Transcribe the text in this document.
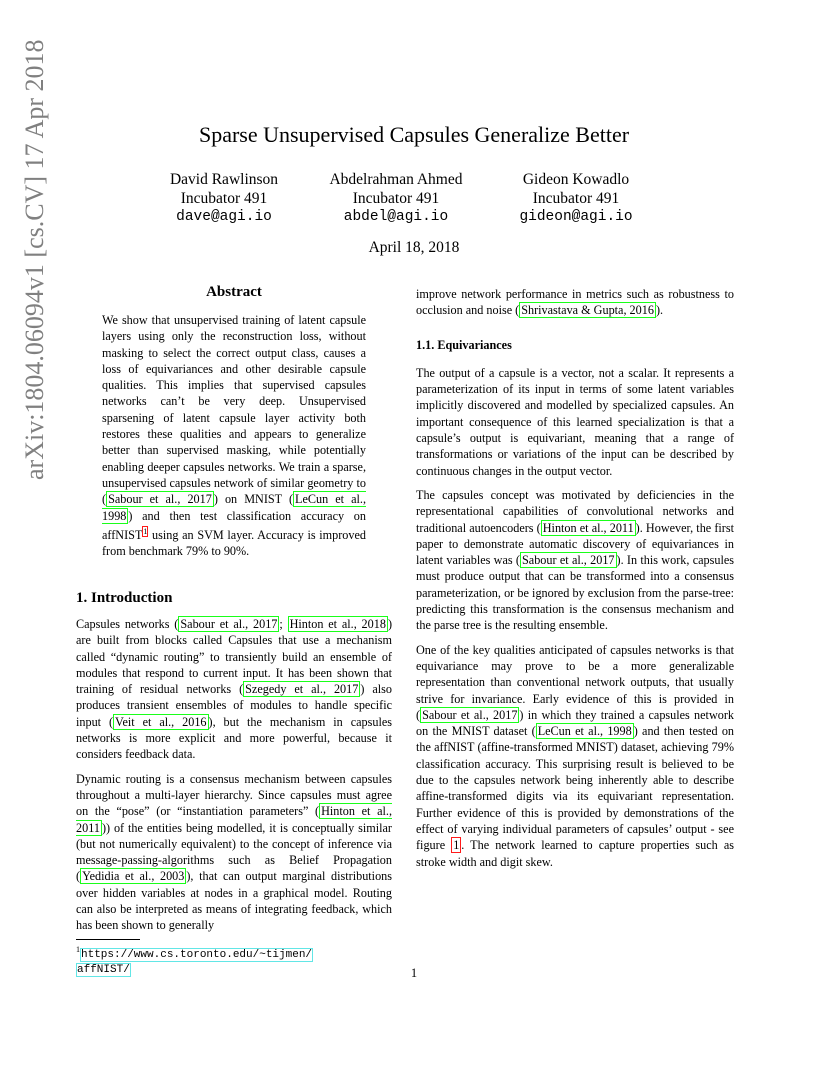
arXiv:1804.06094v1 [cs.CV] 17 Apr 2018	Sparse Unsupervised Capsules Generalize Better
David Rawlinson
Incubator 491
dave@agi.io
Abdelrahman Ahmed
Incubator 491
abdel@agi.io
Gideon Kowadlo
Incubator 491
gideon@agi.io
April 18, 2018
Abstract

We show that unsupervised training of latent capsule layers using only the reconstruction loss, without masking to select the correct output class, causes a loss of equivariances and other desirable capsule qualities. This implies that supervised capsules networks can’t be very deep. Unsupervised sparsening of latent capsule layer activity both restores these qualities and appears to generalize better than supervised masking, while potentially enabling deeper capsules networks. We train a sparse, unsupervised capsules network of similar geometry to ( Sabour et al., 2017 ) on MNIST ( LeCun et al., 1998 ) and then test classification accuracy on affNIST$^1$ using an SVM layer. Accuracy is improved from benchmark 79% to 90%.

1. Introduction

Capsules networks ( Sabour et al., 2017 ; Hinton et al., 2018 ) are built from blocks called Capsules that use a mechanism called “dynamic routing” to transiently build an ensemble of modules that respond to current input. It has been shown that training of residual networks ( Szegedy et al., 2017 ) also produces transient ensembles of modules to handle specific input ( Veit et al., 2016 ), but the mechanism in capsules networks is more explicit and more powerful, because it considers feedback data.

Dynamic routing is a consensus mechanism between capsules throughout a multi-layer hierarchy. Since capsules must agree on the “pose” (or “instantiation parameters” ( Hinton et al., 2011 )) of the entities being modelled, it is conceptually similar (but not numerically equivalent) to the concept of inference via message-passing-algorithms such as Belief Propagation ( Yedidia et al., 2003 ), that can output marginal distributions over hidden variables at nodes in a graphical model. Routing can also be interpreted as means of integrating feedback, which has been shown to generally

improve network performance in metrics such as robustness to occlusion and noise ( Shrivastava & Gupta, 2016 ).

1.1. Equivariances

The output of a capsule is a vector, not a scalar. It represents a parameterization of its input in terms of some latent variables implicitly discovered and modelled by specialized capsules. An important consequence of this learned specialization is that a capsule’s output is equivariant, meaning that a range of transformations or variations of the input can be described by continuous changes in the output vector.

The capsules concept was motivated by deficiencies in the representational capabilities of convolutional networks and traditional autoencoders ( Hinton et al., 2011 ). However, the first paper to demonstrate automatic discovery of equivariances in latent variables was ( Sabour et al., 2017 ). In this work, capsules must produce output that can be transformed into a consensus parameterization, or be ignored by exclusion from the parse-tree: predicting this transformation is the consensus mechanism and the parse tree is the resulting ensemble.

One of the key qualities anticipated of capsules networks is that equivariance may prove to be a more generalizable representation than conventional network outputs, that usually strive for invariance. Early evidence of this is provided in ( Sabour et al., 2017 ) in which they trained a capsules network on the MNIST dataset ( LeCun et al., 1998 ) and then tested on the affNIST (affine-transformed MNIST) dataset, achieving 79% classification accuracy. This surprising result is believed to be due to the capsules network being inherently able to describe affine-transformed digits via its equivariant representation. Further evidence of this is provided by demonstrations of the effect of varying individual parameters of capsules’ output - see figure 1 . The network learned to capture properties such as stroke width and digit skew.

$^1$https://www.cs.toronto.edu/~tijmen/
affNIST/	1
